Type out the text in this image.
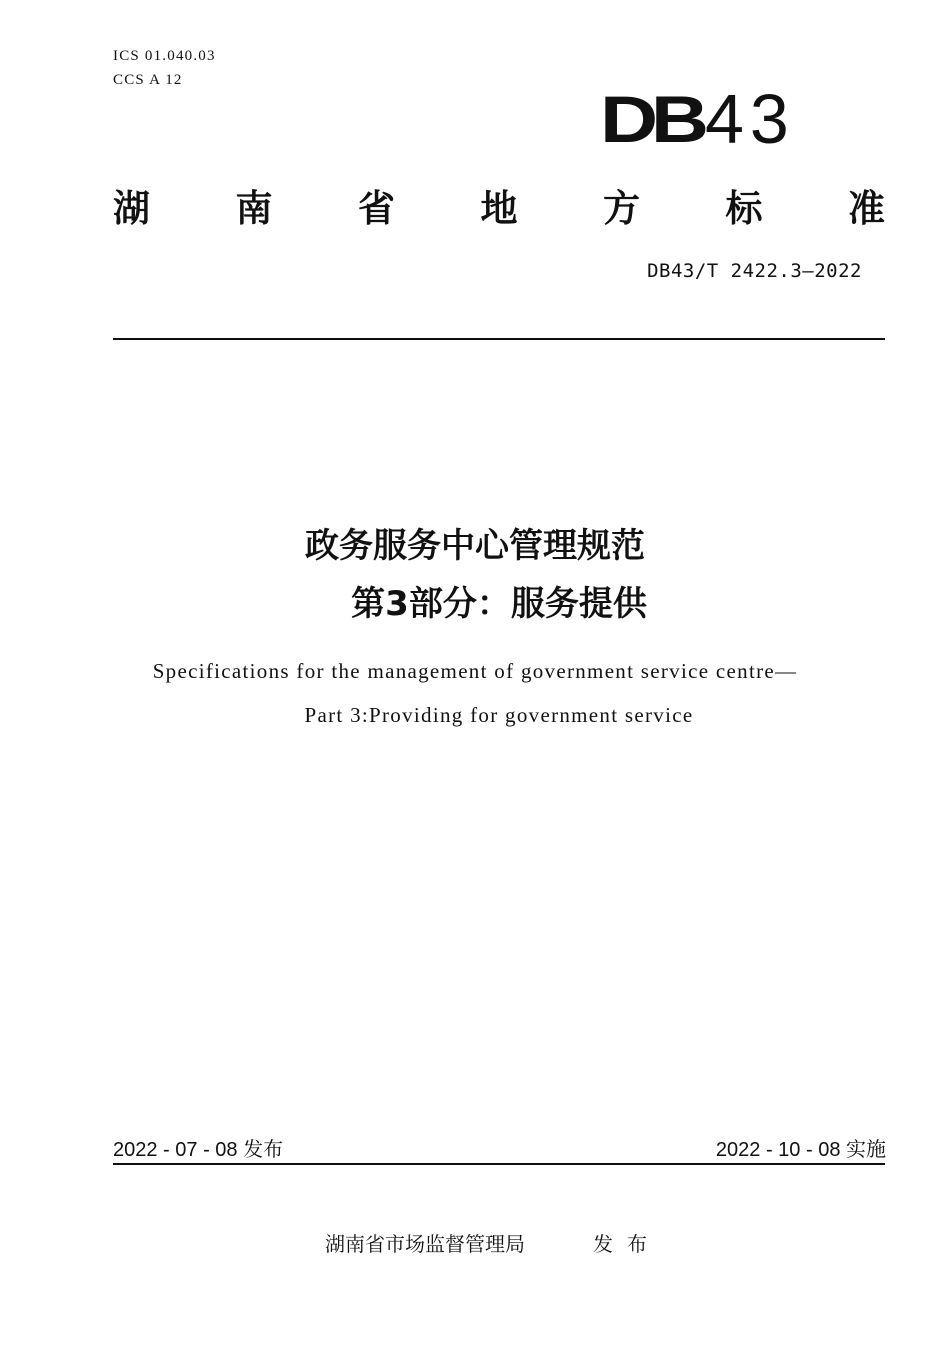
ICS 01.040.03
CCS A 12
DB 43
湖 南 省 地 方 标 准
DB43/T 2422.3—2022
政务服务中心管理规范
第3部分：服务提供
Specifications for the management of government service centre—
Part 3:Providing for government service
2022 - 07 - 08 发布	2022 - 10 - 08 实施
湖南省市场监督管理局	发布
